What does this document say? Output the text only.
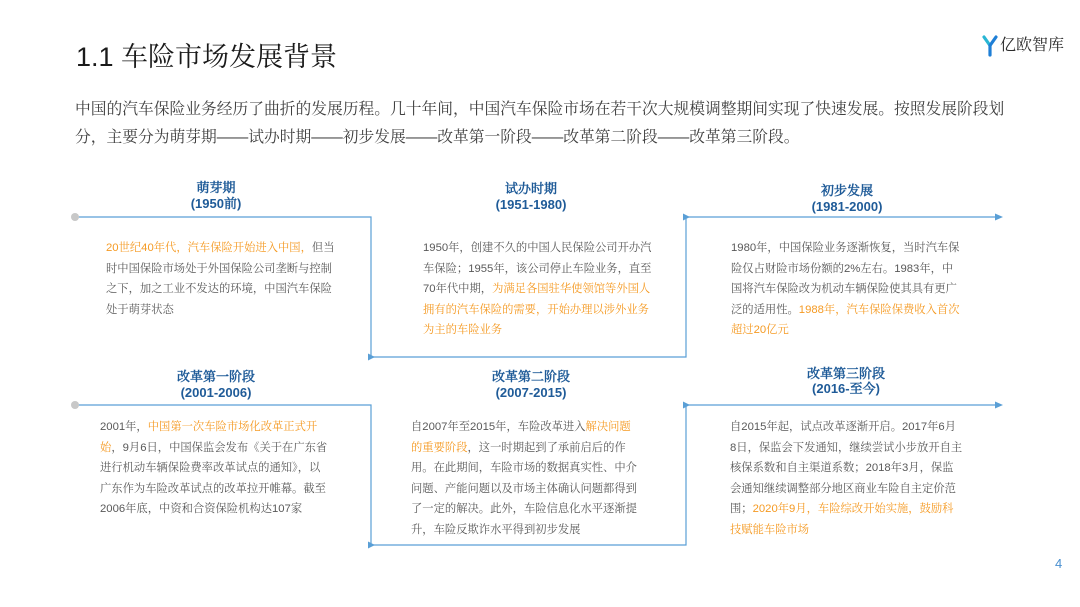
1.1 车险市场发展背景	亿欧智库
中国的汽车保险业务经历了曲折的发展历程。几十年间，中国汽车保险市场在若干次大规模调整期间实现了快速发展。按照发展阶段划
分，主要分为萌芽期——试办时期——初步发展——改革第一阶段——改革第二阶段——改革第三阶段。
萌芽期
(1950前)
20世纪40年代，汽车保险开始进入中国，但当
时中国保险市场处于外国保险公司垄断与控制
之下，加之工业不发达的环境，中国汽车保险
处于萌芽状态
试办时期
(1951-1980)
1950年，创建不久的中国人民保险公司开办汽
车保险；1955年，该公司停止车险业务，直至
70年代中期，为满足各国驻华使领馆等外国人
拥有的汽车保险的需要，开始办理以涉外业务
为主的车险业务
初步发展
(1981-2000)
1980年，中国保险业务逐渐恢复，当时汽车保
险仅占财险市场份额的2%左右。1983年，中
国将汽车保险改为机动车辆保险使其具有更广
泛的适用性。1988年，汽车保险保费收入首次
超过20亿元
改革第一阶段
(2001-2006)
2001年，中国第一次车险市场化改革正式开
始，9月6日，中国保监会发布《关于在广东省
进行机动车辆保险费率改革试点的通知》，以
广东作为车险改革试点的改革拉开帷幕。截至
2006年底，中资和合资保险机构达107家
改革第二阶段
(2007-2015)
自2007年至2015年，车险改革进入解决问题
的重要阶段，这一时期起到了承前启后的作
用。在此期间，车险市场的数据真实性、中介
问题、产能问题以及市场主体确认问题都得到
了一定的解决。此外，车险信息化水平逐渐提
升，车险反欺诈水平得到初步发展
改革第三阶段
(2016-至今)
自2015年起，试点改革逐渐开启。2017年6月
8日，保监会下发通知，继续尝试小步放开自主
核保系数和自主渠道系数；2018年3月，保监
会通知继续调整部分地区商业车险自主定价范
围；2020年9月，车险综改开始实施，鼓励科
技赋能车险市场
4
